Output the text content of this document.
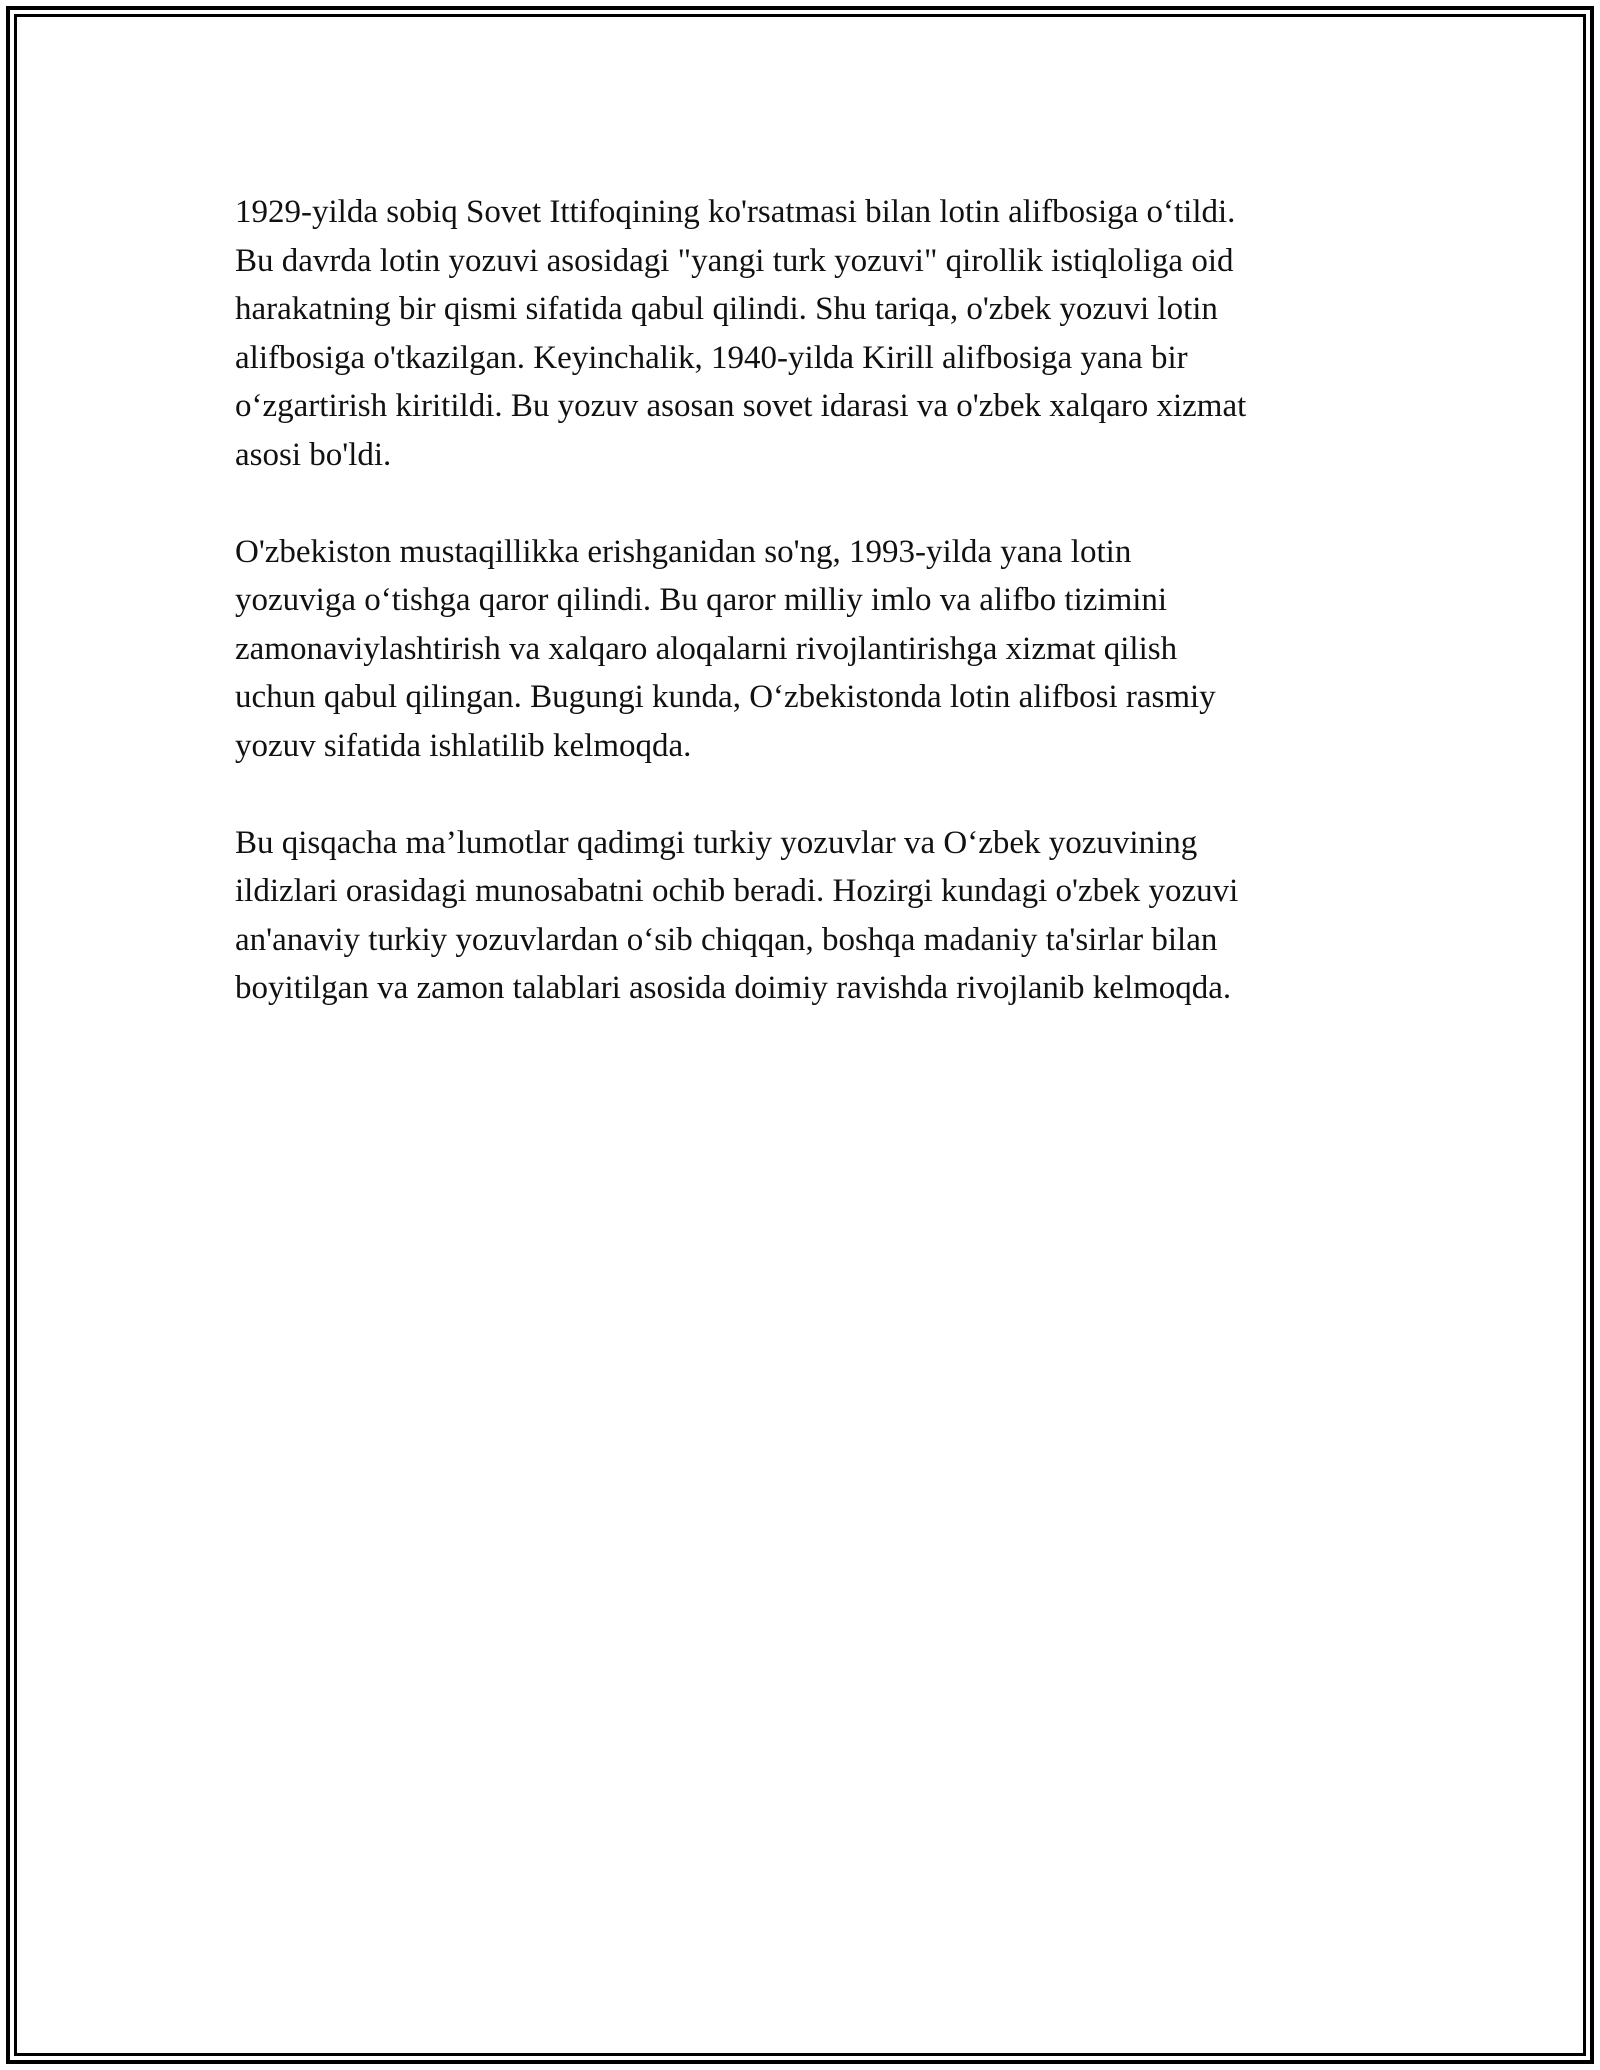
1929-yilda sobiq Sovet Ittifoqining ko'rsatmasi bilan lotin alifbosiga o‘tildi.
Bu davrda lotin yozuvi asosidagi "yangi turk yozuvi" qirollik istiqloliga oid
harakatning bir qismi sifatida qabul qilindi. Shu tariqa, o'zbek yozuvi lotin
alifbosiga o'tkazilgan. Keyinchalik, 1940-yilda Kirill alifbosiga yana bir
o‘zgartirish kiritildi. Bu yozuv asosan sovet idarasi va o'zbek xalqaro xizmat
asosi bo'ldi.

O'zbekiston mustaqillikka erishganidan so'ng, 1993-yilda yana lotin
yozuviga o‘tishga qaror qilindi. Bu qaror milliy imlo va alifbo tizimini
zamonaviylashtirish va xalqaro aloqalarni rivojlantirishga xizmat qilish
uchun qabul qilingan. Bugungi kunda, O‘zbekistonda lotin alifbosi rasmiy
yozuv sifatida ishlatilib kelmoqda.

Bu qisqacha ma’lumotlar qadimgi turkiy yozuvlar va O‘zbek yozuvining
ildizlari orasidagi munosabatni ochib beradi. Hozirgi kundagi o'zbek yozuvi
an'anaviy turkiy yozuvlardan o‘sib chiqqan, boshqa madaniy ta'sirlar bilan
boyitilgan va zamon talablari asosida doimiy ravishda rivojlanib kelmoqda.
